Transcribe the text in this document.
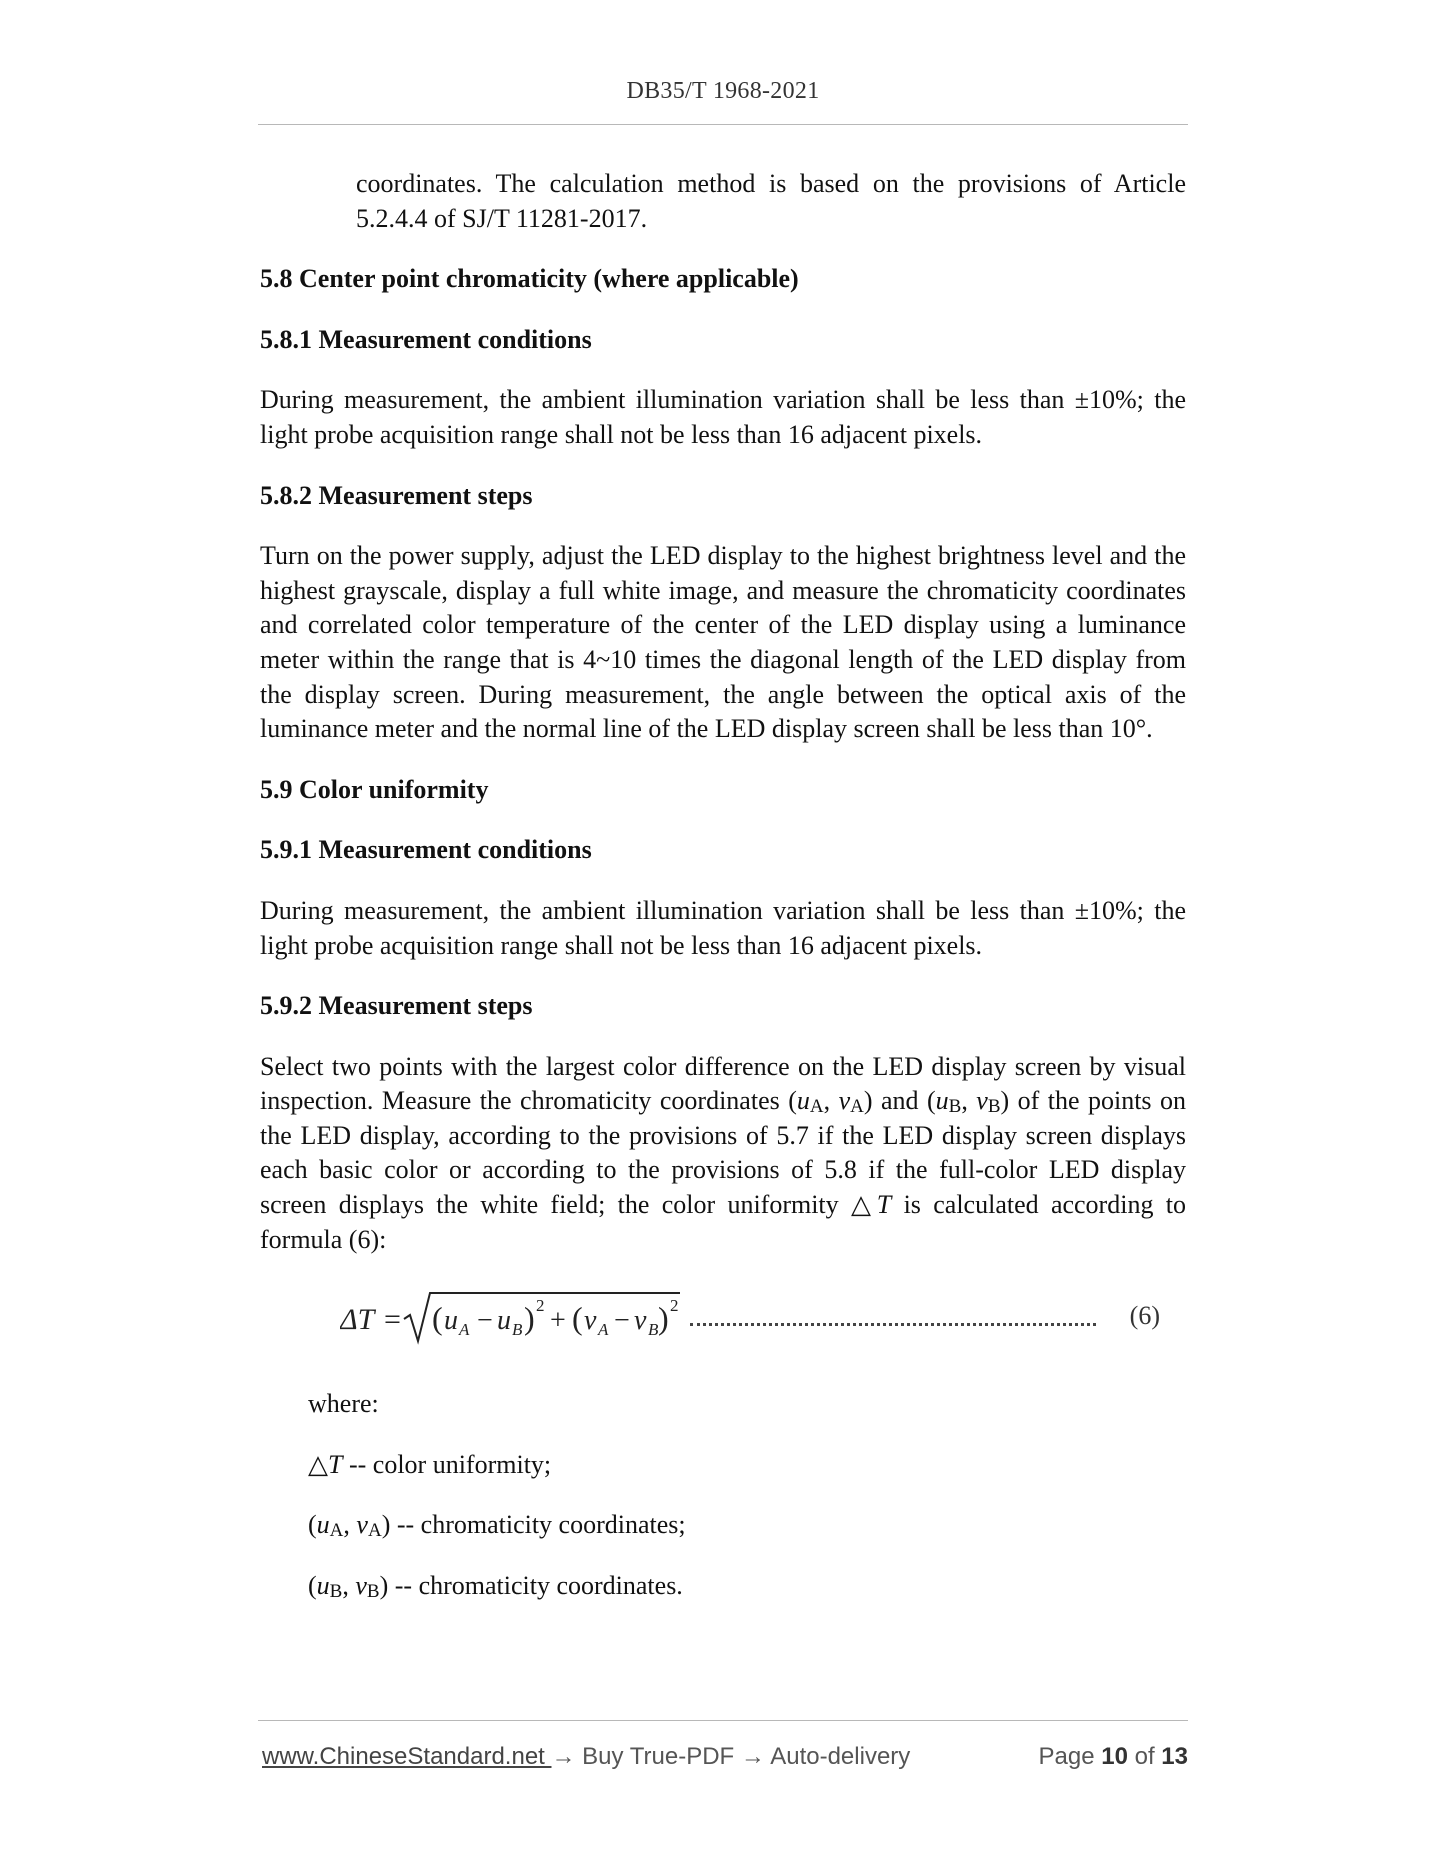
DB35/T 1968-2021

coordinates. The calculation method is based on the provisions of Article 5.2.4.4 of SJ/T 11281-2017.

5.8 Center point chromaticity (where applicable)

5.8.1 Measurement conditions

During measurement, the ambient illumination variation shall be less than ±10%; the light probe acquisition range shall not be less than 16 adjacent pixels.

5.8.2 Measurement steps

Turn on the power supply, adjust the LED display to the highest brightness level and the highest grayscale, display a full white image, and measure the chromaticity coordinates and correlated color temperature of the center of the LED display using a luminance meter within the range that is 4~10 times the diagonal length of the LED display from the display screen. During measurement, the angle between the optical axis of the luminance meter and the normal line of the LED display screen shall be less than 10°.

5.9 Color uniformity

5.9.1 Measurement conditions

During measurement, the ambient illumination variation shall be less than ±10%; the light probe acquisition range shall not be less than 16 adjacent pixels.

5.9.2 Measurement steps

Select two points with the largest color difference on the LED display screen by visual inspection. Measure the chromaticity coordinates ($u_A$, $v_A$) and ($u_B$, $v_B$) of the points on the LED display, according to the provisions of 5.7 if the LED display screen displays each basic color or according to the provisions of 5.8 if the full-color LED display screen displays the white field; the color uniformity △T is calculated according to formula (6):

ΔT = ( u A − u B ) 2 + ( v A − v B ) 2	(6)

where:

△T -- color uniformity;

($u_A$, $v_A$) -- chromaticity coordinates;

($u_B$, $v_B$) -- chromaticity coordinates.

www.ChineseStandard.net → Buy True-PDF → Auto-delivery	Page 10 of 13
